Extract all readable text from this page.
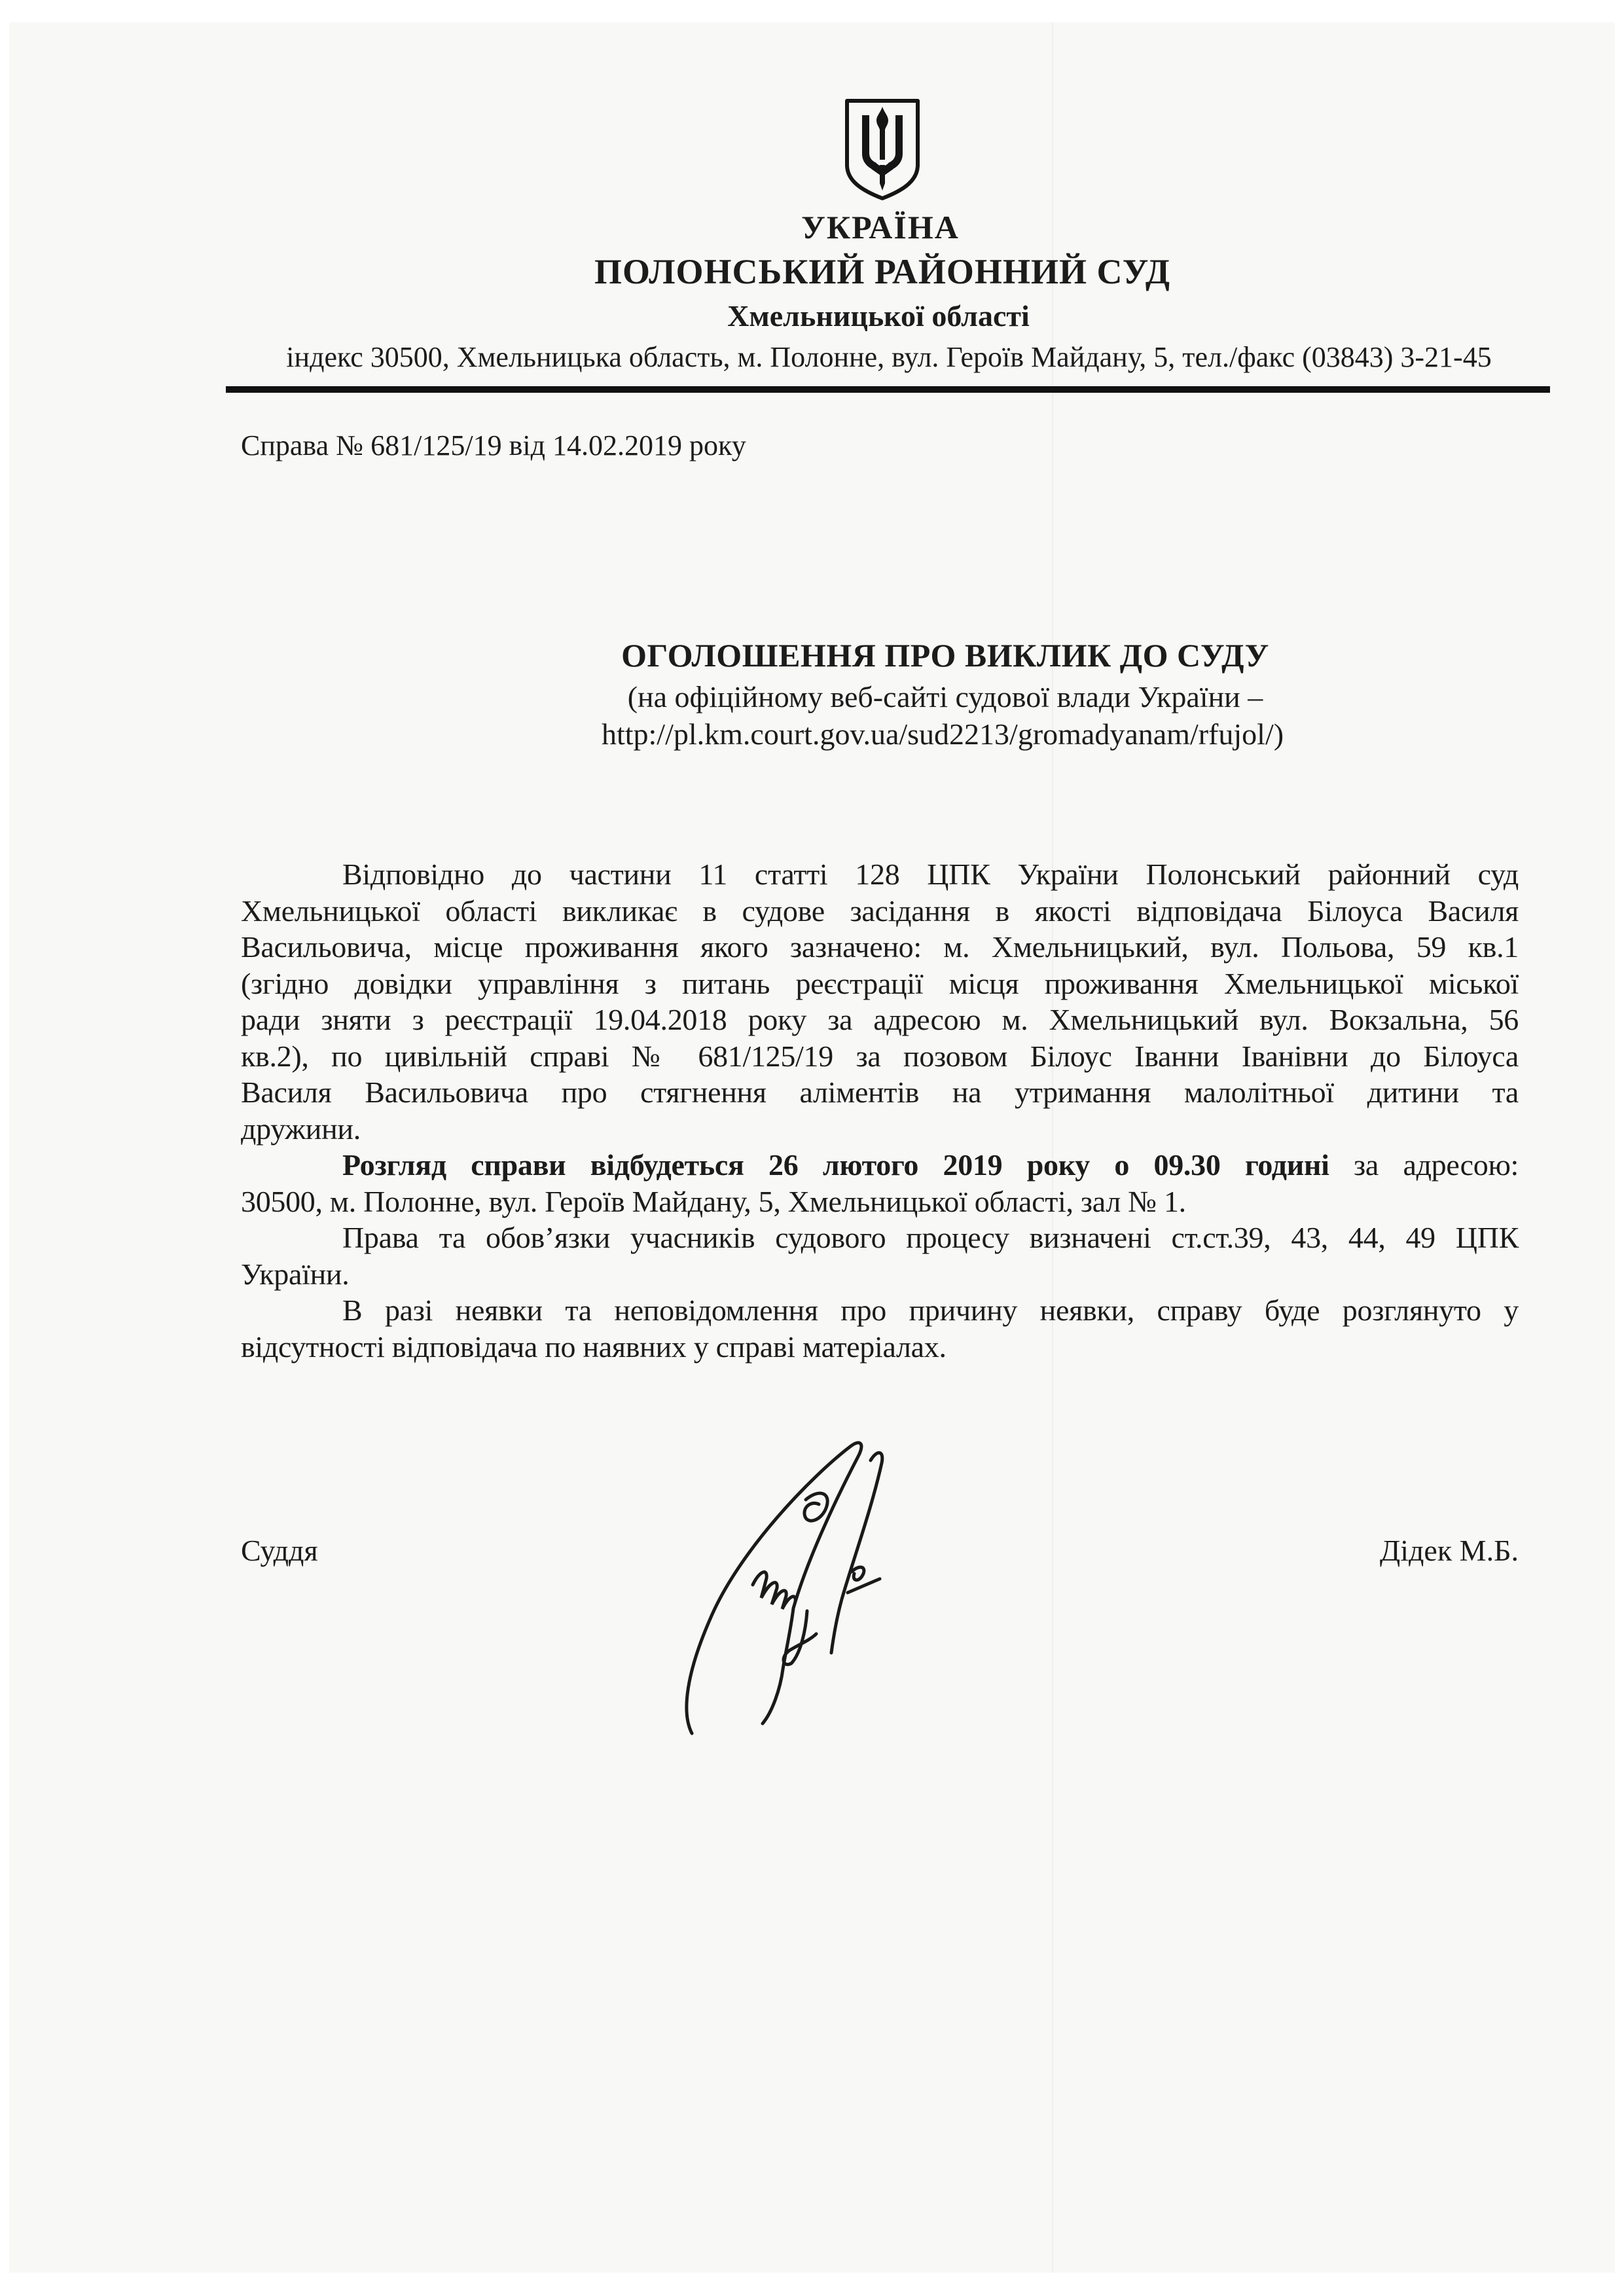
УКРАЇНА
ПОЛОНСЬКИЙ РАЙОННИЙ СУД
Хмельницької області
індекс 30500, Хмельницька область, м. Полонне, вул. Героїв Майдану, 5, тел./факс (03843) 3-21-45
Справа № 681/125/19 від 14.02.2019 року
ОГОЛОШЕННЯ ПРО ВИКЛИК ДО СУДУ
(на офіційному веб-сайті судової влади України –
http://pl.km.court.gov.ua/sud2213/gromadyanam/rfujol/)
Відповідно до частини 11 статті 128 ЦПК України Полонський районний суд
Хмельницької області викликає в судове засідання в якості відповідача Білоуса Василя
Васильовича, місце проживання якого зазначено: м. Хмельницький, вул. Польова, 59 кв.1
(згідно довідки управління з питань реєстрації місця проживання Хмельницької міської
ради зняти з реєстрації 19.04.2018 року за адресою м. Хмельницький вул. Вокзальна, 56
кв.2), по цивільній справі № 681/125/19 за позовом Білоус Іванни Іванівни до Білоуса
Василя Васильовича про стягнення аліментів на утримання малолітньої дитини та
дружини.
Розгляд справи відбудеться 26 лютого 2019 року о 09.30 годині за адресою:
30500, м. Полонне, вул. Героїв Майдану, 5, Хмельницької області, зал № 1.
Права та обов’язки учасників судового процесу визначені ст.ст.39, 43, 44, 49 ЦПК
України.
В разі неявки та неповідомлення про причину неявки, справу буде розглянуто у
відсутності відповідача по наявних у справі матеріалах.
Суддя	Дідек М.Б.
